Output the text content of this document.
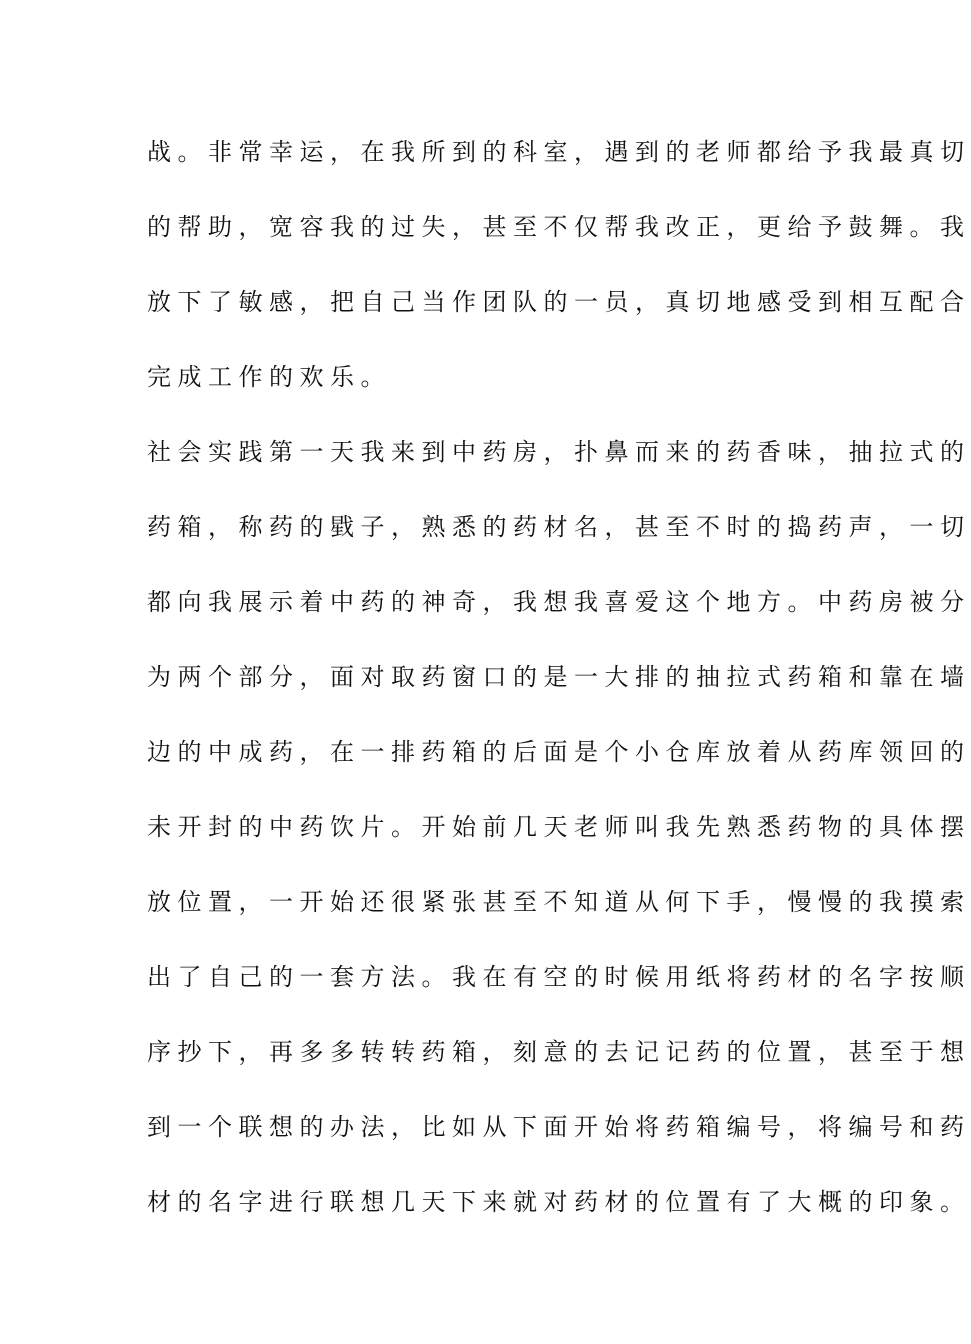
战。非常幸运，在我所到的科室，遇到的老师都给予我最真切
的帮助，宽容我的过失，甚至不仅帮我改正，更给予鼓舞。我
放下了敏感，把自己当作团队的一员，真切地感受到相互配合
完成工作的欢乐。
社会实践第一天我来到中药房，扑鼻而来的药香味，抽拉式的
药箱，称药的戥子，熟悉的药材名，甚至不时的捣药声，一切
都向我展示着中药的神奇，我想我喜爱这个地方。中药房被分
为两个部分，面对取药窗口的是一大排的抽拉式药箱和靠在墙
边的中成药，在一排药箱的后面是个小仓库放着从药库领回的
未开封的中药饮片。开始前几天老师叫我先熟悉药物的具体摆
放位置，一开始还很紧张甚至不知道从何下手，慢慢的我摸索
出了自己的一套方法。我在有空的时候用纸将药材的名字按顺
序抄下，再多多转转药箱，刻意的去记记药的位置，甚至于想
到一个联想的办法，比如从下面开始将药箱编号，将编号和药
材的名字进行联想几天下来就对药材的位置有了大概的印象。
